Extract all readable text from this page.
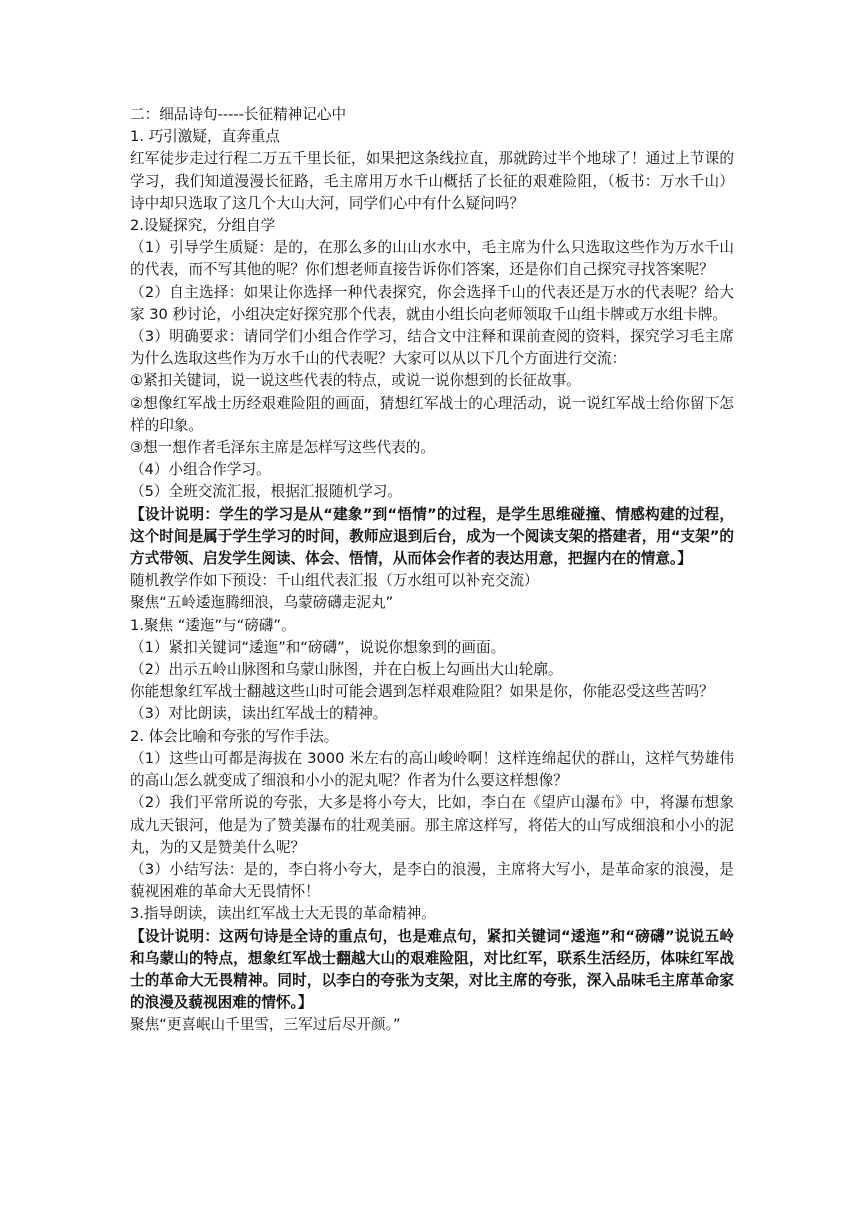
二：细品诗句-----长征精神记心中

1. 巧引激疑，直奔重点

红军徒步走过行程二万五千里长征，如果把这条线拉直，那就跨过半个地球了！通过上节课的学习，我们知道漫漫长征路，毛主席用万水千山概括了长征的艰难险阻，（板书：万水千山）诗中却只选取了这几个大山大河，同学们心中有什么疑问吗？

2.设疑探究，分组自学

（1）引导学生质疑：是的，在那么多的山山水水中，毛主席为什么只选取这些作为万水千山的代表，而不写其他的呢？你们想老师直接告诉你们答案，还是你们自己探究寻找答案呢？

（2）自主选择：如果让你选择一种代表探究，你会选择千山的代表还是万水的代表呢？给大家 30 秒讨论，小组决定好探究那个代表，就由小组长向老师领取千山组卡牌或万水组卡牌。

（3）明确要求：请同学们小组合作学习，结合文中注释和课前查阅的资料，探究学习毛主席为什么选取这些作为万水千山的代表呢？大家可以从以下几个方面进行交流：

①紧扣关键词，说一说这些代表的特点，或说一说你想到的长征故事。

②想像红军战士历经艰难险阻的画面，猜想红军战士的心理活动，说一说红军战士给你留下怎样的印象。

③想一想作者毛泽东主席是怎样写这些代表的。

（4）小组合作学习。

（5）全班交流汇报，根据汇报随机学习。

【设计说明：学生的学习是从“建象”到“悟情”的过程，是学生思维碰撞、情感构建的过程，这个时间是属于学生学习的时间，教师应退到后台，成为一个阅读支架的搭建者，用“支架”的方式带领、启发学生阅读、体会、悟情，从而体会作者的表达用意，把握内在的情意。】

随机教学作如下预设：千山组代表汇报（万水组可以补充交流）

聚焦“五岭逶迤腾细浪，乌蒙磅礴走泥丸”

1.聚焦 “逶迤”与“磅礴”。

（1）紧扣关键词“逶迤”和“磅礴”，说说你想象到的画面。

（2）出示五岭山脉图和乌蒙山脉图，并在白板上勾画出大山轮廓。

你能想象红军战士翻越这些山时可能会遇到怎样艰难险阻？如果是你，你能忍受这些苦吗？

（3）对比朗读，读出红军战士的精神。

2. 体会比喻和夸张的写作手法。

（1）这些山可都是海拔在 3000 米左右的高山峻岭啊！这样连绵起伏的群山，这样气势雄伟的高山怎么就变成了细浪和小小的泥丸呢？作者为什么要这样想像？

（2）我们平常所说的夸张，大多是将小夸大，比如，李白在《望庐山瀑布》中，将瀑布想象成九天银河，他是为了赞美瀑布的壮观美丽。那主席这样写，将偌大的山写成细浪和小小的泥丸，为的又是赞美什么呢？

（3）小结写法：是的，李白将小夸大，是李白的浪漫，主席将大写小，是革命家的浪漫，是藐视困难的革命大无畏情怀！

3.指导朗读，读出红军战士大无畏的革命精神。

【设计说明：这两句诗是全诗的重点句，也是难点句，紧扣关键词“逶迤”和“磅礴”说说五岭和乌蒙山的特点，想象红军战士翻越大山的艰难险阻，对比红军，联系生活经历，体味红军战士的革命大无畏精神。同时，以李白的夸张为支架，对比主席的夸张，深入品味毛主席革命家的浪漫及藐视困难的情怀。】

聚焦“更喜岷山千里雪，三军过后尽开颜。”
